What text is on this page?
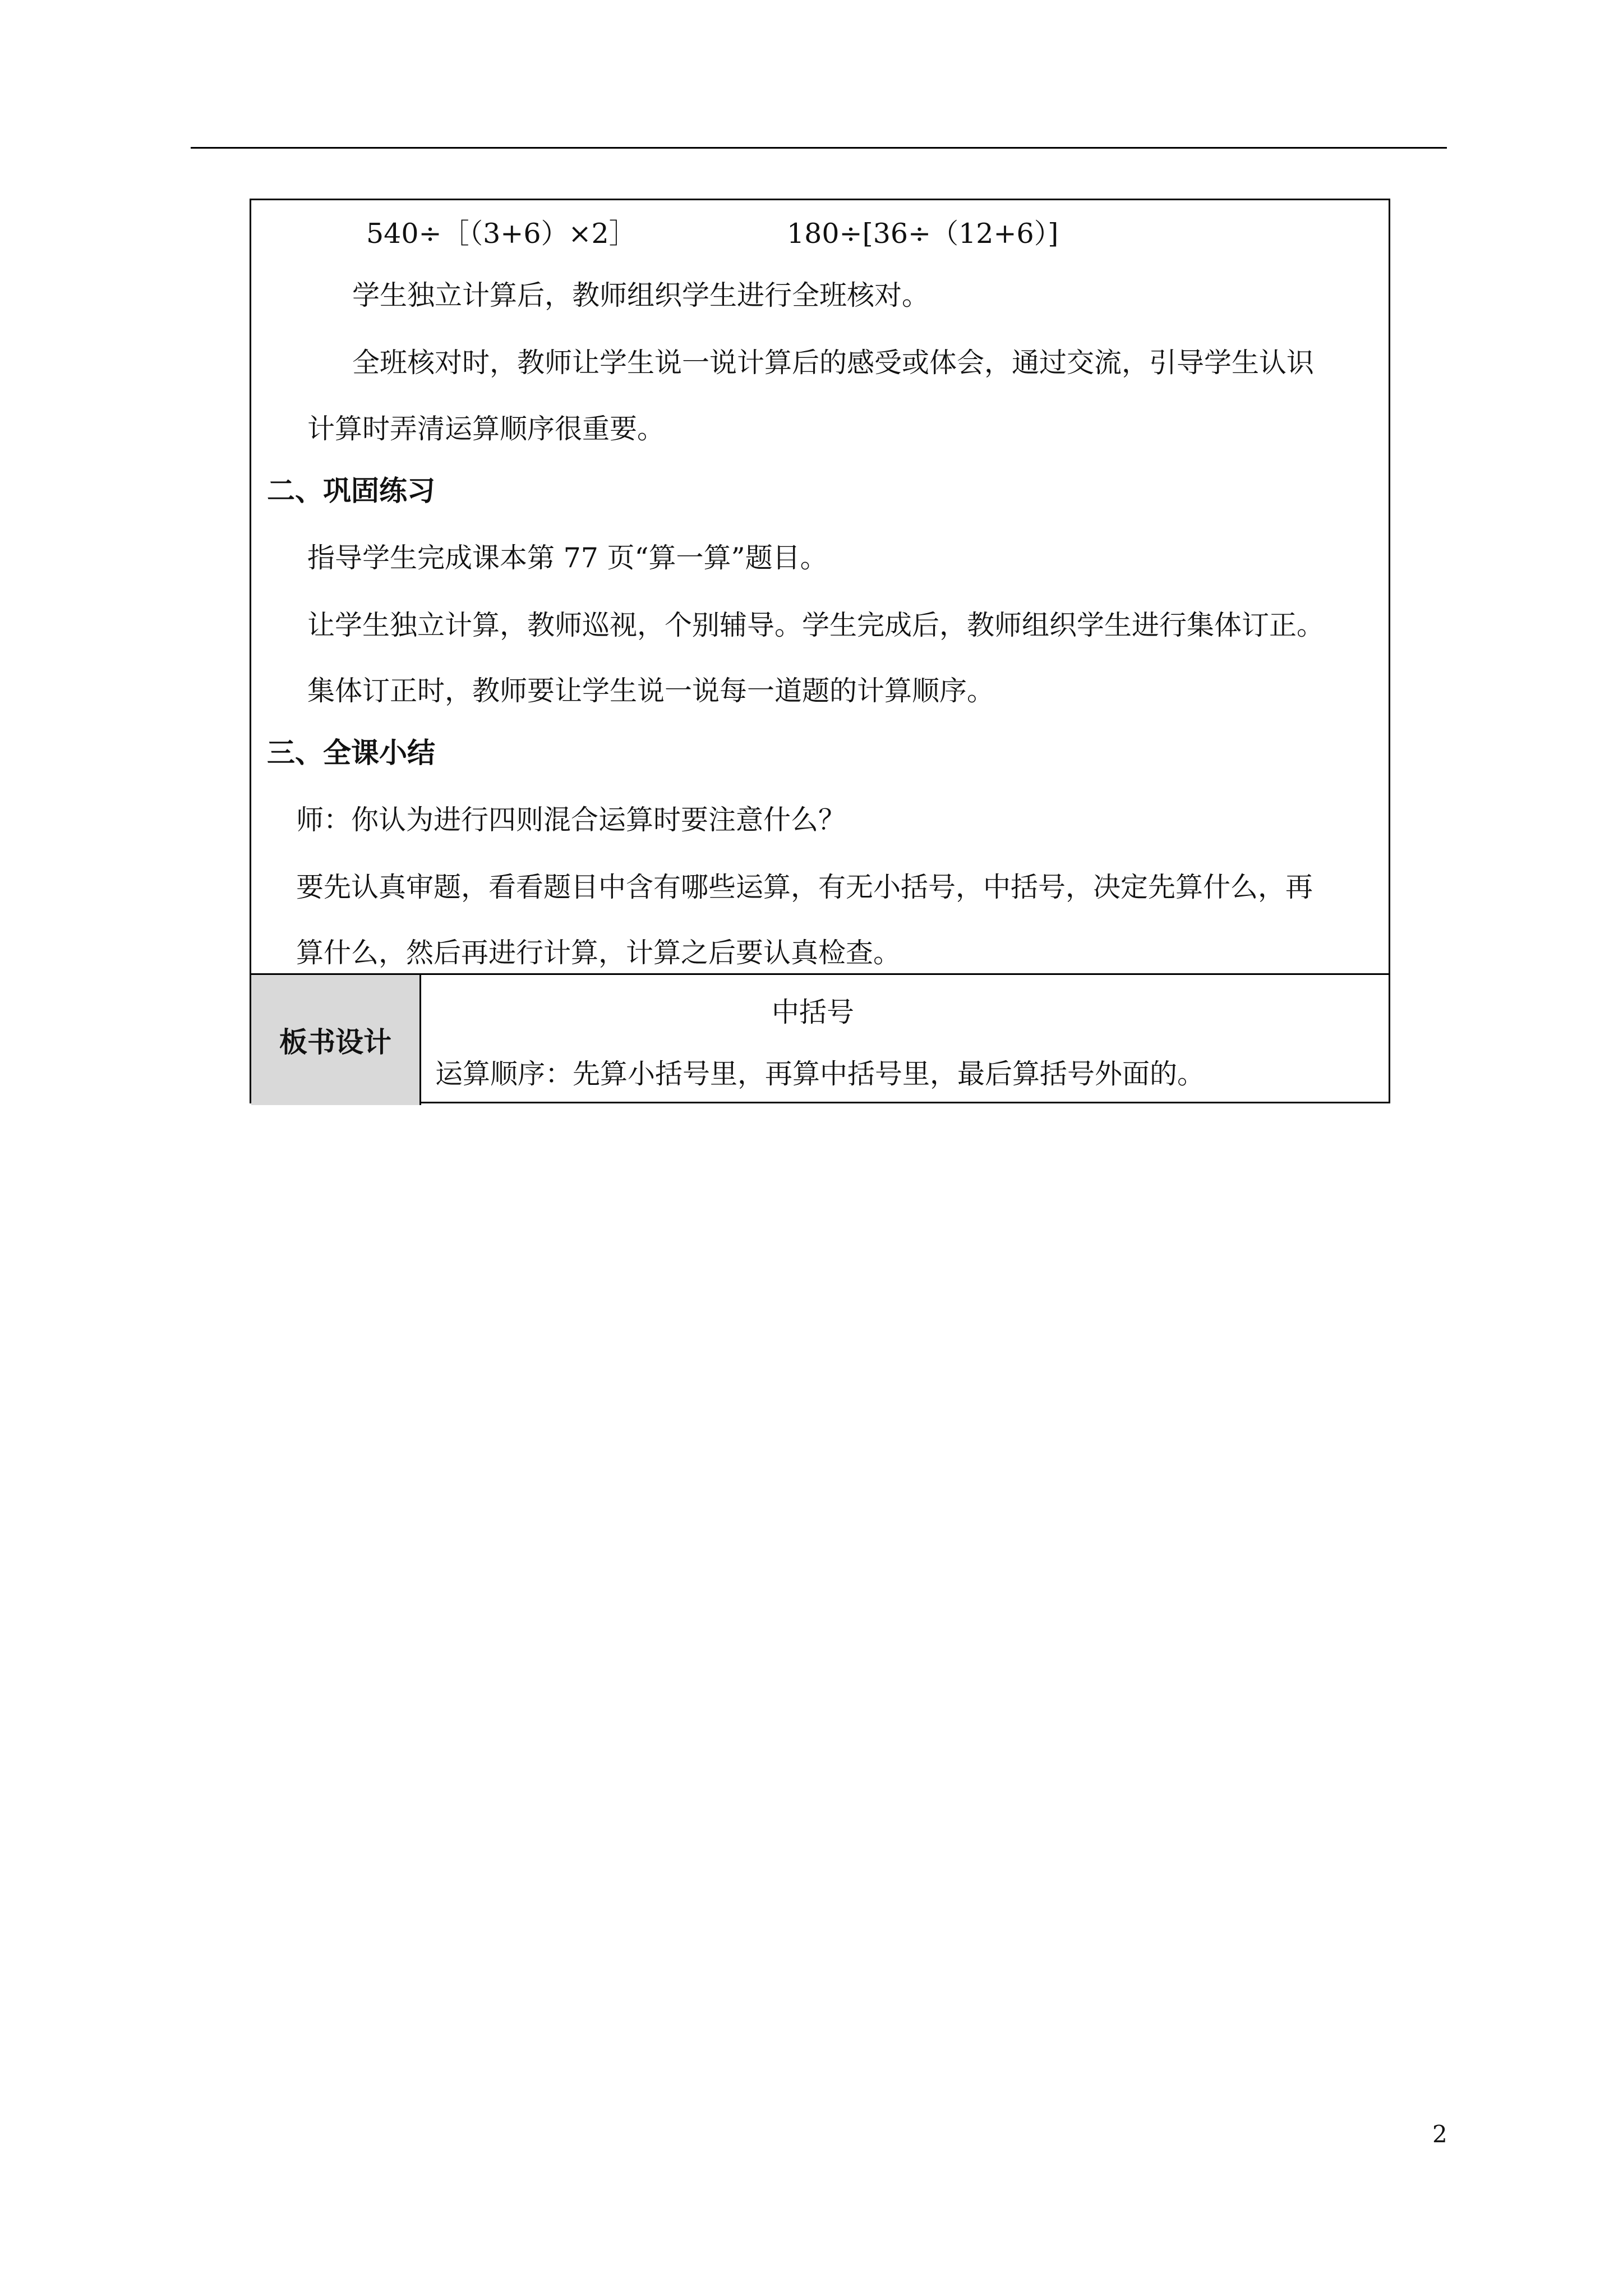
540÷［（3+6）×2］	180÷[36÷（12+6）]
学生独立计算后，教师组织学生进行全班核对。
全班核对时，教师让学生说一说计算后的感受或体会，通过交流，引导学生认识
计算时弄清运算顺序很重要。
二、巩固练习
指导学生完成课本第 77 页“算一算”题目。
让学生独立计算，教师巡视，个别辅导。学生完成后，教师组织学生进行集体订正。
集体订正时，教师要让学生说一说每一道题的计算顺序。
三、全课小结
师：你认为进行四则混合运算时要注意什么？
要先认真审题，看看题目中含有哪些运算，有无小括号，中括号，决定先算什么，再
算什么，然后再进行计算，计算之后要认真检查。
板书设计
中括号
运算顺序：先算小括号里，再算中括号里，最后算括号外面的。
2
